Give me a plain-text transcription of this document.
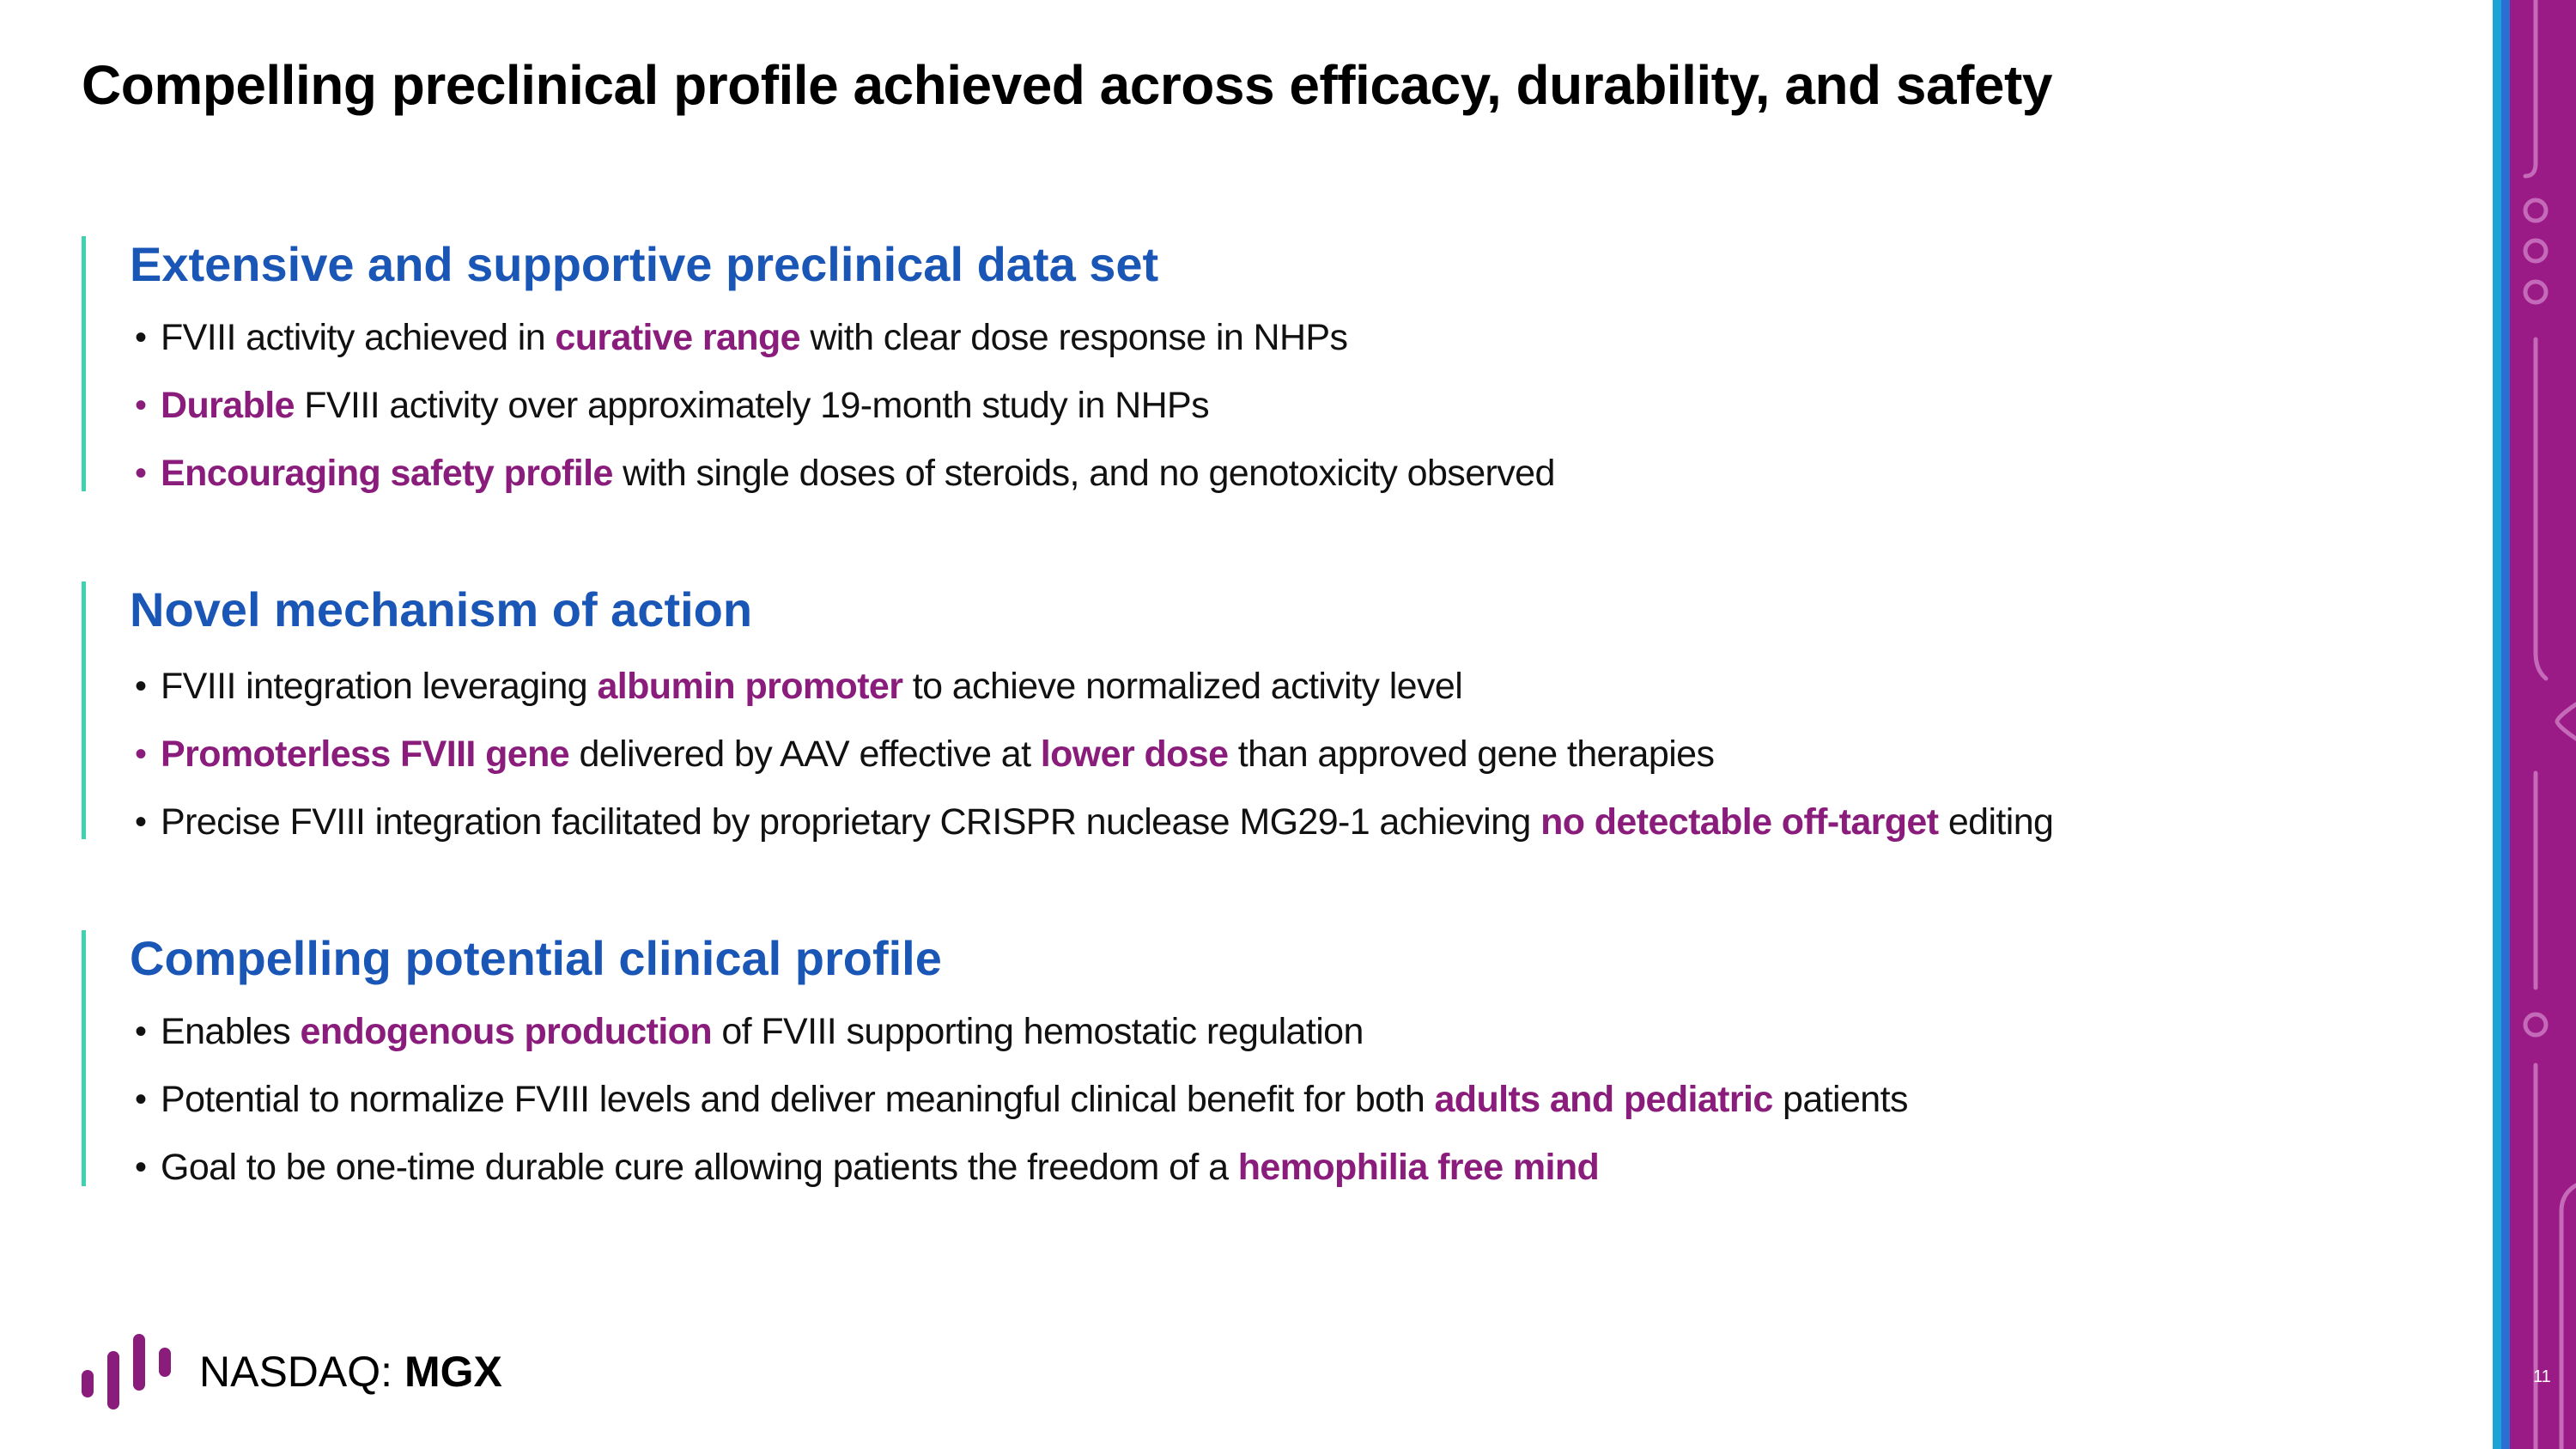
Compelling preclinical profile achieved across efficacy, durability, and safety
Extensive and supportive preclinical data set
• FVIII activity achieved in curative range with clear dose response in NHPs
• Durable FVIII activity over approximately 19-month study in NHPs
• Encouraging safety profile with single doses of steroids, and no genotoxicity observed
Novel mechanism of action
• FVIII integration leveraging albumin promoter to achieve normalized activity level
• Promoterless FVIII gene delivered by AAV effective at lower dose than approved gene therapies
• Precise FVIII integration facilitated by proprietary CRISPR nuclease MG29-1 achieving no detectable off-target editing
Compelling potential clinical profile
• Enables endogenous production of FVIII supporting hemostatic regulation
• Potential to normalize FVIII levels and deliver meaningful clinical benefit for both adults and pediatric patients
• Goal to be one-time durable cure allowing patients the freedom of a hemophilia free mind
NASDAQ: MGX	11
